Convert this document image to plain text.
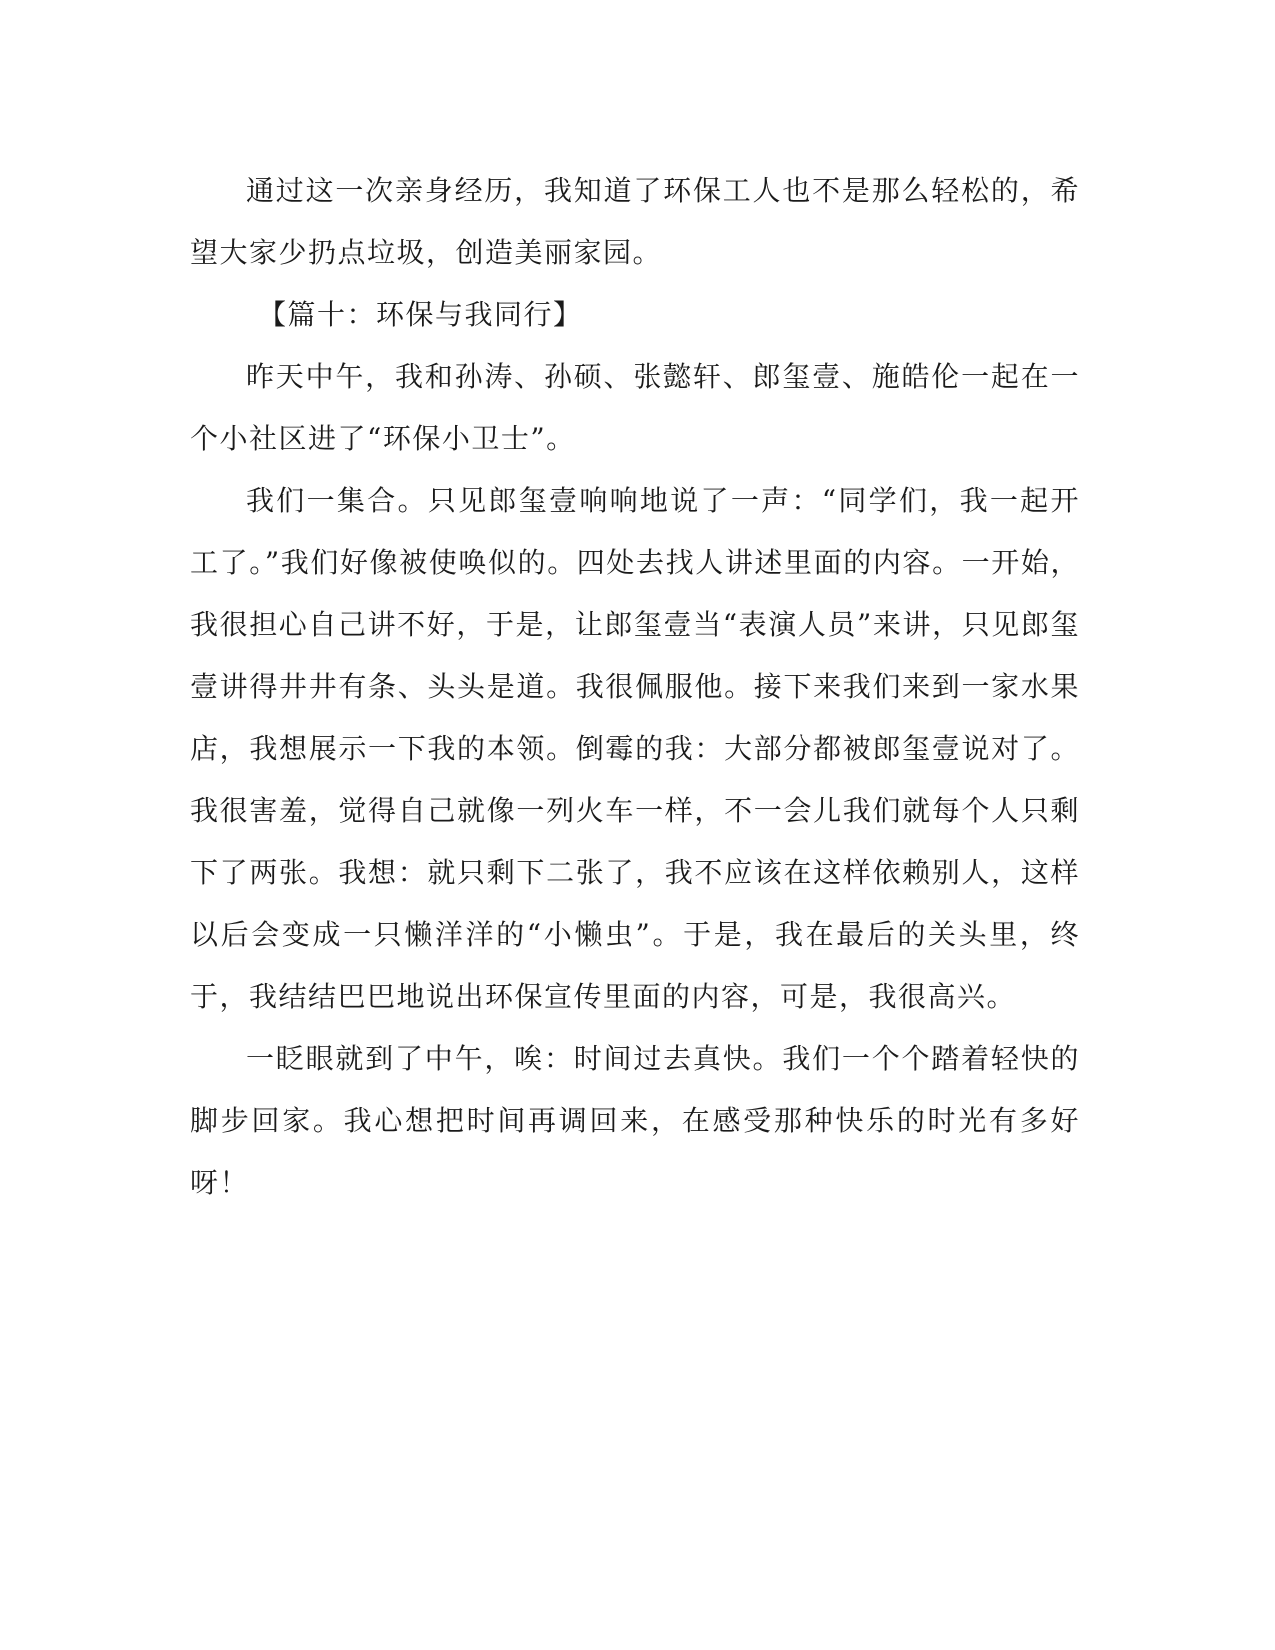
通过这一次亲身经历，我知道了环保工人也不是那么轻松的，希望大家少扔点垃圾，创造美丽家园。

【篇十：环保与我同行】

昨天中午，我和孙涛、孙硕、张懿轩、郎玺壹、施皓伦一起在一个小社区进了“环保小卫士”。

我们一集合。只见郎玺壹响响地说了一声：“同学们，我一起开工了。”我们好像被使唤似的。四处去找人讲述里面的内容。一开始，我很担心自己讲不好，于是，让郎玺壹当“表演人员”来讲，只见郎玺壹讲得井井有条、头头是道。我很佩服他。接下来我们来到一家水果店，我想展示一下我的本领。倒霉的我：大部分都被郎玺壹说对了。我很害羞，觉得自己就像一列火车一样，不一会儿我们就每个人只剩下了两张。我想：就只剩下二张了，我不应该在这样依赖别人，这样以后会变成一只懒洋洋的“小懒虫”。于是，我在最后的关头里，终于，我结结巴巴地说出环保宣传里面的内容，可是，我很高兴。

一眨眼就到了中午，唉：时间过去真快。我们一个个踏着轻快的脚步回家。我心想把时间再调回来，在感受那种快乐的时光有多好呀！
